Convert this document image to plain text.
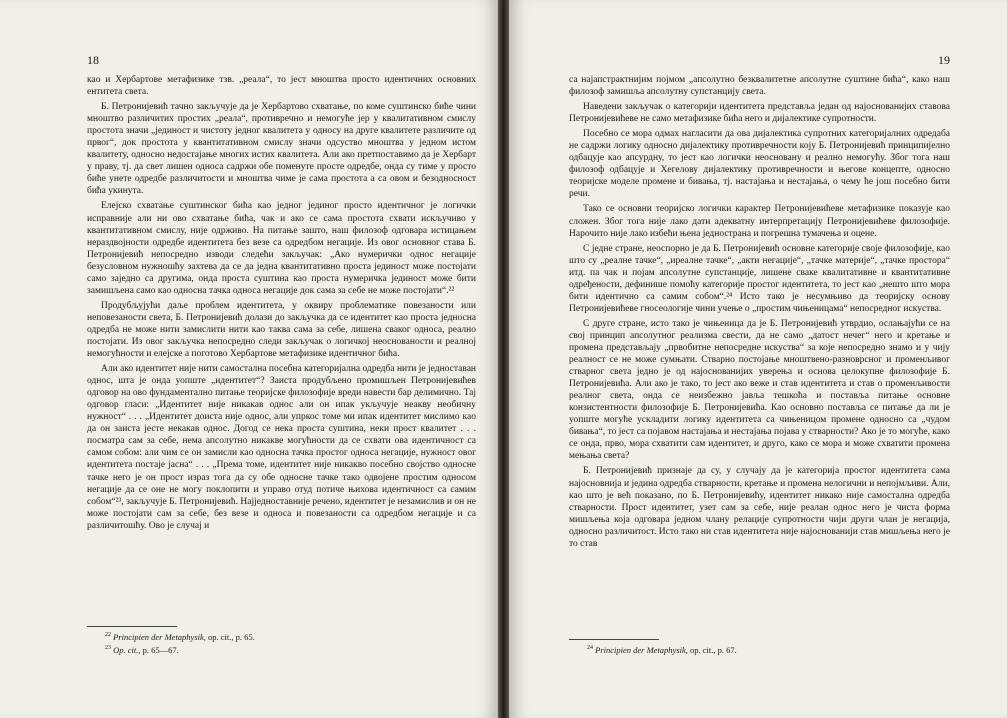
18

као и Хербартове метафизике тзв. „реала“, то јест мноштва просто идентичних основних ентитета света.

Б. Петронијевић тачно закључује да је Хербартово схватање, по коме суштинско биће чини мноштво различитих простих „реала“, противречно и немогуће јер у квалитативном смислу простота значи „јединост и чистоту једног квалитета у односу на друге квалитете различите од првог“, док простота у квантитативном смислу значи одсуство мноштва у једном истом квалитету, односно недостајање многих истих квалитета. Али ако претпоставимо да је Хербарт у праву, тј. да свет лишен односа садржи обе поменуте просте одредбе, онда су тиме у просто биће унете одредбе различитости и мноштва чиме је сама простота а са овом и безодносност бића укинута.

Елејско схватање суштинског бића као једног јединог просто идентичног је логички исправније али ни ово схватање бића, чак и ако се сама простота схвати искључиво у квантитативном смислу, није одрживо. На питање зашто, наш филозоф одговара истицањем нераздвојности одредбе идентитета без везе са одредбом негације. Из овог основног става Б. Петронијевић непосредно изводи следећи закључак: „Ако нумерички однос негације безусловном нужношћу захтева да се да једна квантитативно проста јединост може постојати само заједно са другима, онда проста суштина као проста нумеричка јединост може бити замишљена само као односна тачка односа негације док сама за себе не може постојати“.²²

Продубљујући даље проблем идентитета, у оквиру проблематике повезаности или неповезаности света, Б. Петронијевић долази до закључка да се идентитет као проста једносна одредба не може нити замислити нити као таква сама за себе, лишена сваког односа, реално постојати. Из овог закључка непосредно следи закључак о логичкој неосновaности и реалној немогућности и елејске а поготово Хербартове метафизике идентичног бића.

Али ако идентитет није нити самостална посебна категоријална одредба нити је једноставан однос, шта је онда уопште „идентитет“? Заиста продубљено промишљен Петронијевићев одговор на ово фундаментално питање теоријске филозофије вреди навести бар делимично. Тај одговор гласи: „Идентитет није никакав однос али он ипак укључује неакву необичну нужност“ . . . „Идентитет доиста није однос, али упркос томе ми ипак идентитет мислимо као да он заиста јесте некакав однос. Догод се нека проста суштина, неки прост квалитет . . . посматра сам за себе, нема апсолутно никакве могућности да се схвати ова идентичност са самом собом: али чим се он замисли као односна тачка простог односа негације, нужност овог идентитета постаје јасна“ . . . „Према томе, идентитет није никакво посебно својство односне тачке него је он прост израз тога да су обе односне тачке тако одвојене простим односом негације да се оне не могу поклопити и управо отуд потиче њихова идентичност са самим собом“²³, закључује Б. Петронијевић. Најједноставније речено, идентитет је незамислив и он не може постојати сам за себе, без везе и односа и повезаности са одредбом негације и са различитошћу. Ово је случај и

$^{22}$ Principien der Metaphysik, op. cit., p. 65.
$^{23}$ Op. cit., p. 65—67.
19

са најапстрактнијим појмом „апсолутно безквалитетне апсолутне суштине бића“, како наш филозоф замишља апсолутну супстанцију света.

Наведени закључак о категорији идентитета представља један од најоснованијих ставова Петронијевићеве не само метафизике бића него и дијалектике супротности.

Посебно се мора одмах нагласити да ова дијалектика супротних категоријалних одредаба не садржи логику односно дијалектику противречности коју Б. Петронијевић принципијелно одбацује као апсурдну, то јест као логички неосновану и реално немогућу. Због тога наш филозоф одбацује и Хегелову дијалектику противречности и његове концепте, односно теоријске моделе промене и бивања, тј. настајања и нестајања, о чему ће још посебно бити речи.

Тако се основни теоријско логички карактер Петронијевићеве метафизике показује као сложен. Због тога није лако дати адекватну интерпретацију Петронијевићеве филозофије. Нарочито није лако избећи њена једнострана и погрешна тумачења и оцене.

С једне стране, неоспорно је да Б. Петронијевић основне категорије своје филозофије, као што су „реалне тачке“, „иреалне тачке“, „акти негације“, „тачке материје“, „тачке простора“ итд. па чак и појам апсолутне супстанције, лишене сваке квалитативне и квантитативне одређености, дефинише помоћу категорије простог идентитета, то јест као „нешто што мора бити идентично са самим собом“.²⁴ Исто тако је несумњиво да теоријску основу Петронијевићеве гносеологије чини учење о „простим чињеницама“ непосредног искуства.

С друге стране, исто тако је чињеница да је Б. Петронијевић утврдио, ослањајући се на свој принцип апсолутног реализма свести, да не само „датост нечег“ него и кретање и промена представљају „првобитне непосредне искуства“ за које непосредно знамо и у чију реалност се не може сумњати. Стварно постојање мноштвено-разноврсног и променљивог стварног света једно је од најоснованијих уверења и основа целокупне филозофије Б. Петронијевића. Али ако је тако, то јест ако веже и став идентитета и став о променљивости реалног света, онда се неизбежно јавља тешкоћа и постављa питање основне конзистентности филозофије Б. Петронијевића. Као основно постављa се питање да ли је уопште могуће ускладити логику идентитета са чињеницом промене односно са „чудом бивања“, то јест са појавом настајања и нестајања појава у стварности? Ако је то могуће, како се онда, прво, мора схватити сам идентитет, и друго, како се мора и може схватити промена мењања света?

Б. Петронијевић признаје да су, у случају да је категорија простог идентитета сама најоснoвнија и једина одредба стварности, кретање и промена нелогични и непојмљиви. Али, као што је већ показано, по Б. Петронијевићу, идентитет никако није самостална одредба стварности. Прост идентитет, узет сам за себе, није реалан однос него је чиста форма мишљења која одговара једном члану релације супротности чији други члан је негација, односно различитост. Исто тако ни став идентитета није најоснованији став мишљења него је то став

$^{24}$ Principien der Metaphysik, op. cit., p. 67.
